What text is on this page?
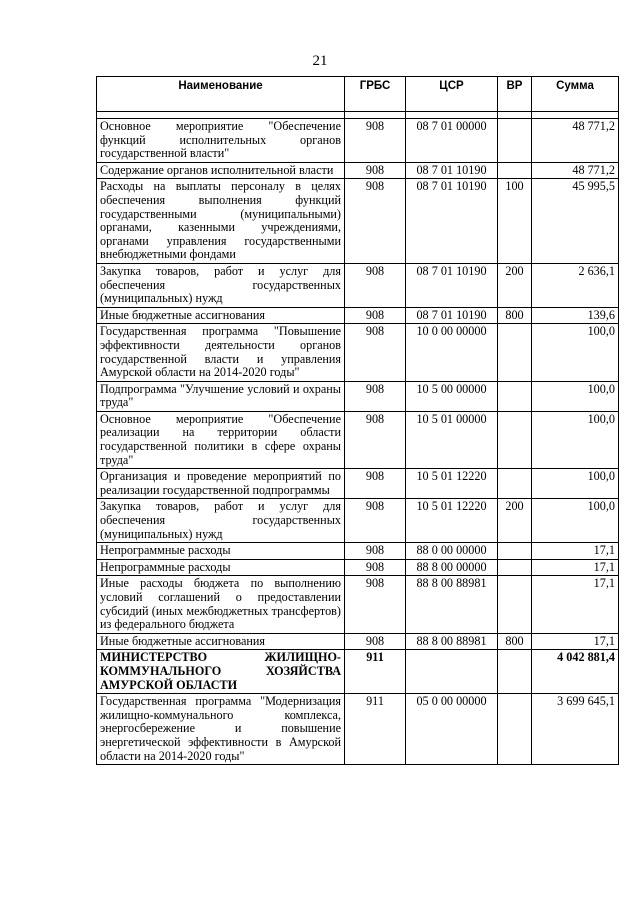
21
Наименование	ГРБС	ЦСР	ВР	Сумма

Основное мероприятие "Обеспечение функций исполнительных органов государственной власти"	908	08 7 01 00000		48 771,2
Содержание органов исполнительной власти	908	08 7 01 10190		48 771,2
Расходы на выплаты персоналу в целях обеспечения выполнения функций государственными (муниципальными) органами, казенными учреждениями, органами управления государственными внебюджетными фондами	908	08 7 01 10190	100	45 995,5
Закупка товаров, работ и услуг для обеспечения государственных (муниципальных) нужд	908	08 7 01 10190	200	2 636,1
Иные бюджетные ассигнования	908	08 7 01 10190	800	139,6
Государственная программа "Повышение эффективности деятельности органов государственной власти и управления Амурской области на 2014-2020 годы"	908	10 0 00 00000		100,0
Подпрограмма "Улучшение условий и охраны труда"	908	10 5 00 00000		100,0
Основное мероприятие "Обеспечение реализации на территории области государственной политики в сфере охраны труда"	908	10 5 01 00000		100,0
Организация и проведение мероприятий по реализации государственной подпрограммы	908	10 5 01 12220		100,0
Закупка товаров, работ и услуг для обеспечения государственных (муниципальных) нужд	908	10 5 01 12220	200	100,0
Непрограммные расходы	908	88 0 00 00000		17,1
Непрограммные расходы	908	88 8 00 00000		17,1
Иные расходы бюджета по выполнению условий соглашений о предоставлении субсидий (иных межбюджетных трансфертов) из федерального бюджета	908	88 8 00 88981		17,1
Иные бюджетные ассигнования	908	88 8 00 88981	800	17,1
МИНИСТЕРСТВО ЖИЛИЩНО-КОММУНАЛЬНОГО ХОЗЯЙСТВА АМУРСКОЙ ОБЛАСТИ	911			4 042 881,4
Государственная программа "Модернизация жилищно-коммунального комплекса, энергосбережение и повышение энергетической эффективности в Амурской области на 2014-2020 годы"	911	05 0 00 00000		3 699 645,1
